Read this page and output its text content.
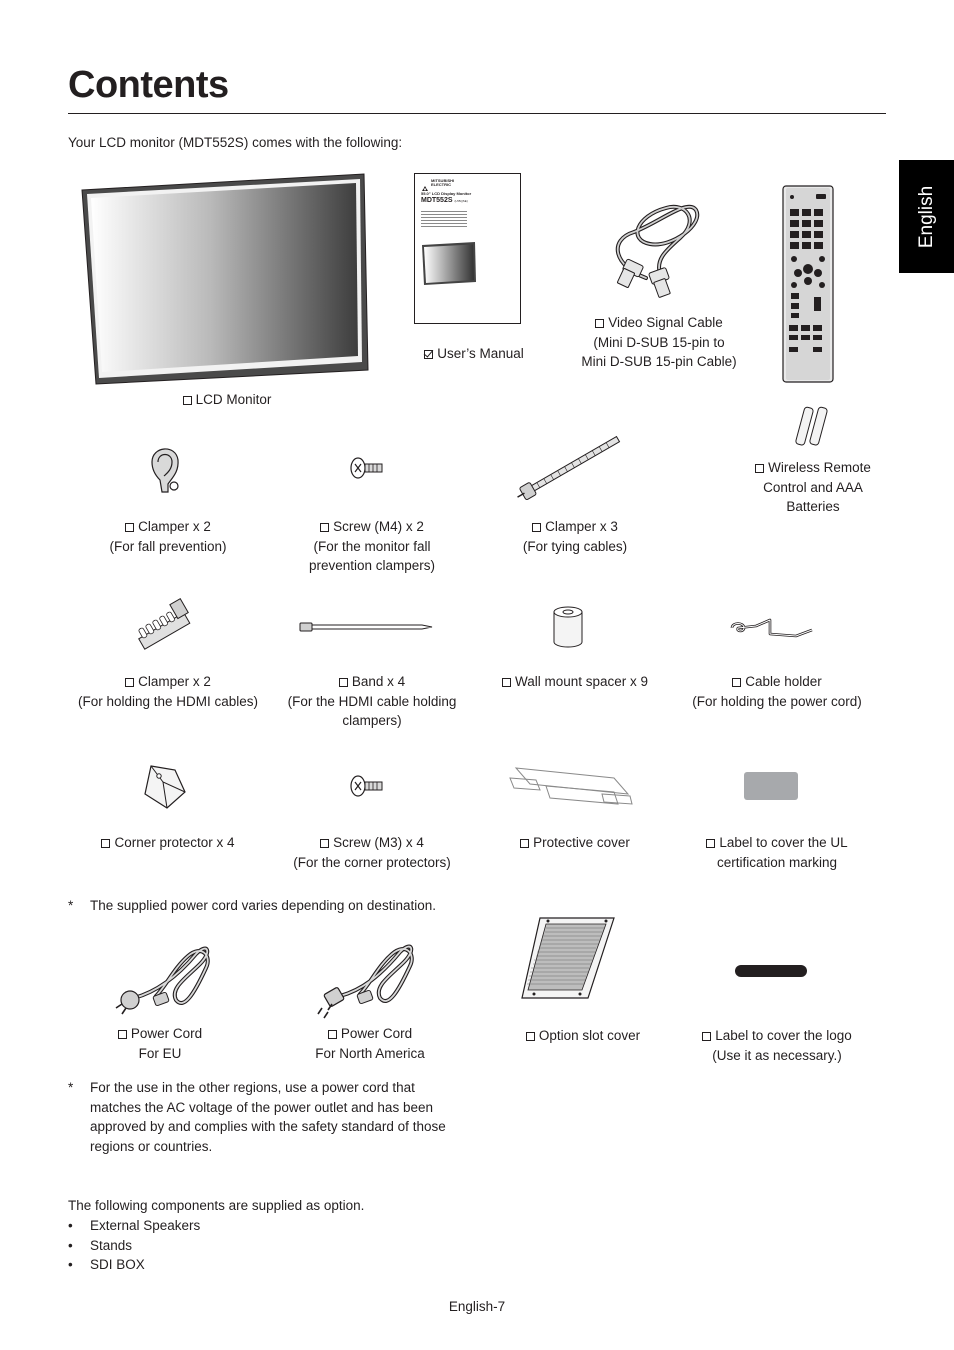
Contents
Your LCD monitor (MDT552S) comes with the following:
English
LCD Monitor
MITSUBISHI
ELECTRIC
55.0" LCD Display Monitor
MDT552S (L55QSE)
User’s Manual
Video Signal Cable
(Mini D-SUB 15-pin to
Mini D-SUB 15-pin Cable)
Wireless Remote
Control and AAA
Batteries
Clamper x 2
(For fall prevention)
Screw (M4) x 2
(For the monitor fall
prevention clampers)
Clamper x 3
(For tying cables)
Clamper x 2
(For holding the HDMI cables)
Band x 4
(For the HDMI cable holding
clampers)
Wall mount spacer x 9	Cable holder
(For holding the power cord)
Corner protector x 4	Screw (M3) x 4
(For the corner protectors)
Protective cover	Label to cover the UL
certification marking
* The supplied power cord varies depending on destination.
Power Cord
For EU
Power Cord
For North America
Option slot cover	Label to cover the logo
(Use it as necessary.)
* For the use in the other regions, use a power cord that matches the AC voltage of the power outlet and has been approved by and complies with the safety standard of those regions or countries.
The following components are supplied as option.
• External Speakers
• Stands
• SDI BOX
English-7
